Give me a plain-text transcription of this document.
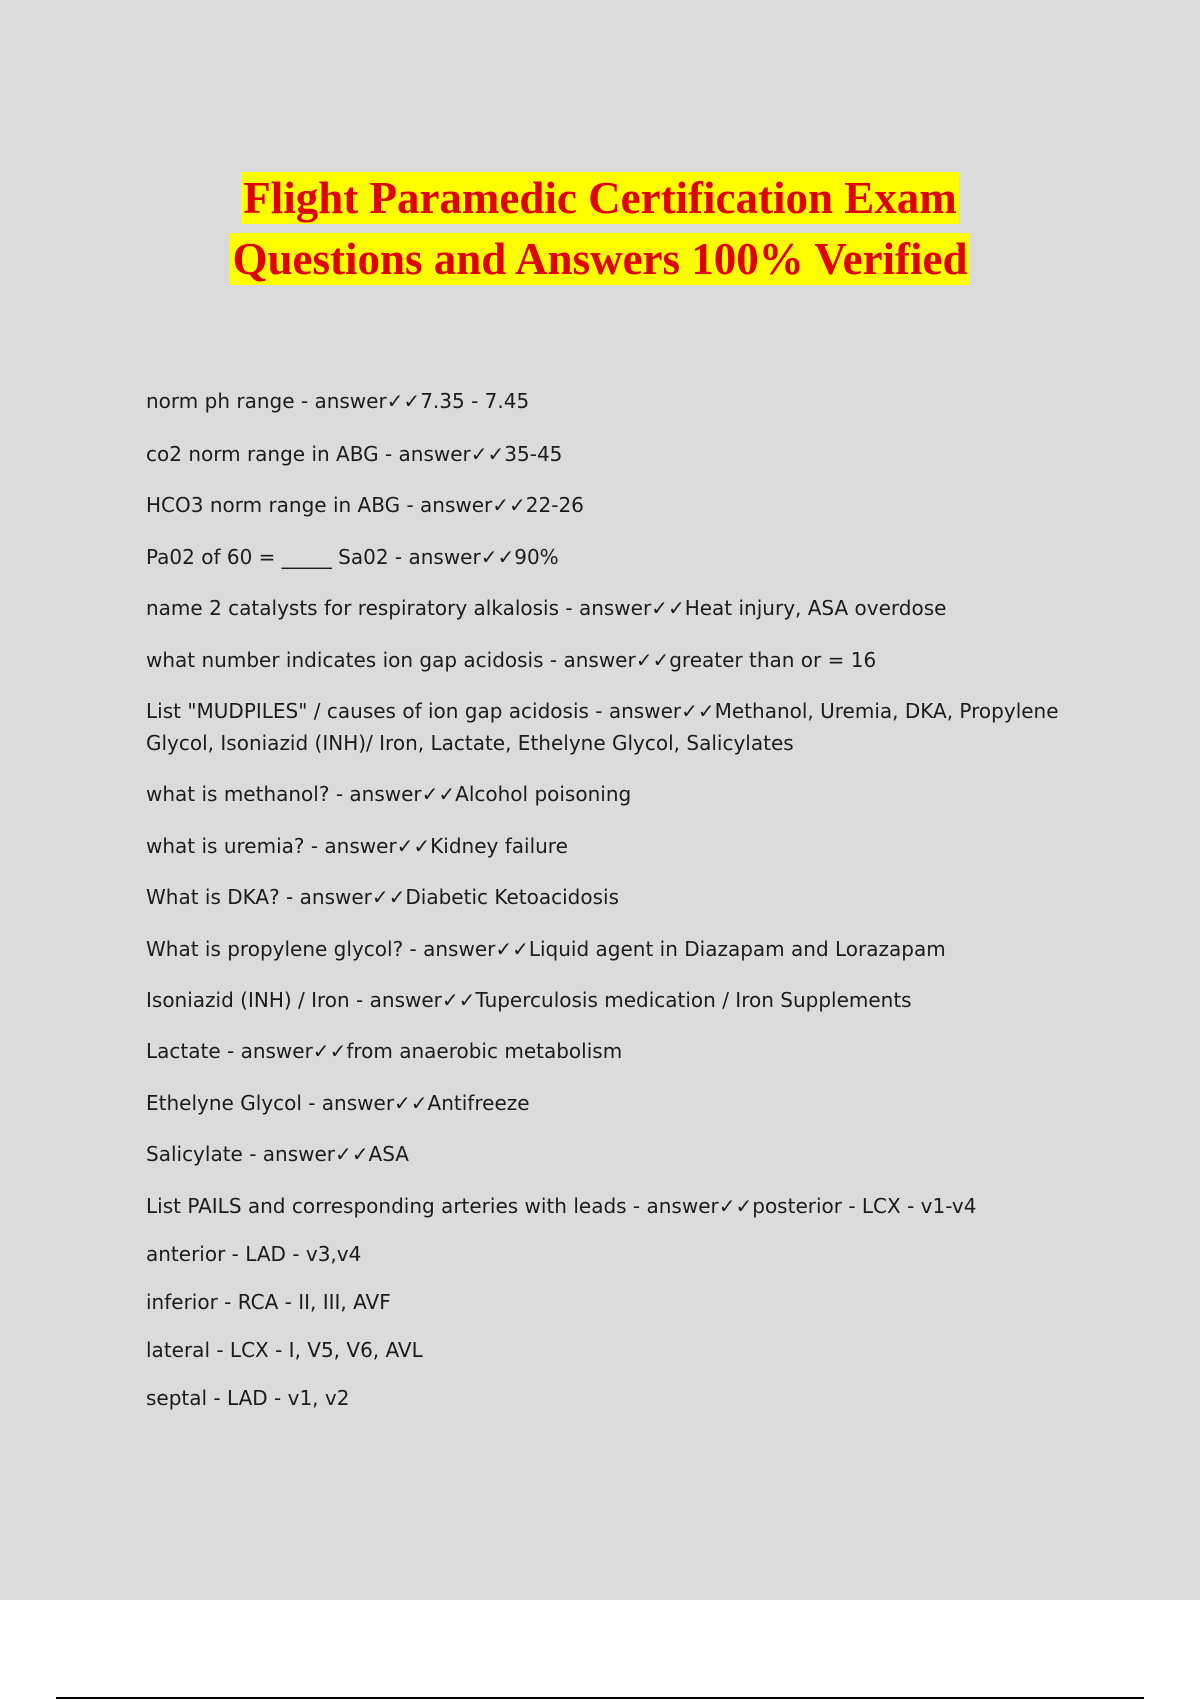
Flight Paramedic Certification Exam
Questions and Answers 100% Verified
norm ph range - answer✓✓7.35 - 7.45
co2 norm range in ABG - answer✓✓35-45
HCO3 norm range in ABG - answer✓✓22-26
Pa02 of 60 = _____ Sa02 - answer✓✓90%
name 2 catalysts for respiratory alkalosis - answer✓✓Heat injury, ASA overdose
what number indicates ion gap acidosis - answer✓✓greater than or = 16
List "MUDPILES" / causes of ion gap acidosis - answer✓✓Methanol, Uremia, DKA, Propylene
Glycol, Isoniazid (INH)/ Iron, Lactate, Ethelyne Glycol, Salicylates
what is methanol? - answer✓✓Alcohol poisoning
what is uremia? - answer✓✓Kidney failure
What is DKA? - answer✓✓Diabetic Ketoacidosis
What is propylene glycol? - answer✓✓Liquid agent in Diazapam and Lorazapam
Isoniazid (INH) / Iron - answer✓✓Tuperculosis medication / Iron Supplements
Lactate - answer✓✓from anaerobic metabolism
Ethelyne Glycol - answer✓✓Antifreeze
Salicylate - answer✓✓ASA
List PAILS and corresponding arteries with leads - answer✓✓posterior - LCX - v1-v4
anterior - LAD - v3,v4
inferior - RCA - II, III, AVF
lateral - LCX - I, V5, V6, AVL
septal - LAD - v1, v2
